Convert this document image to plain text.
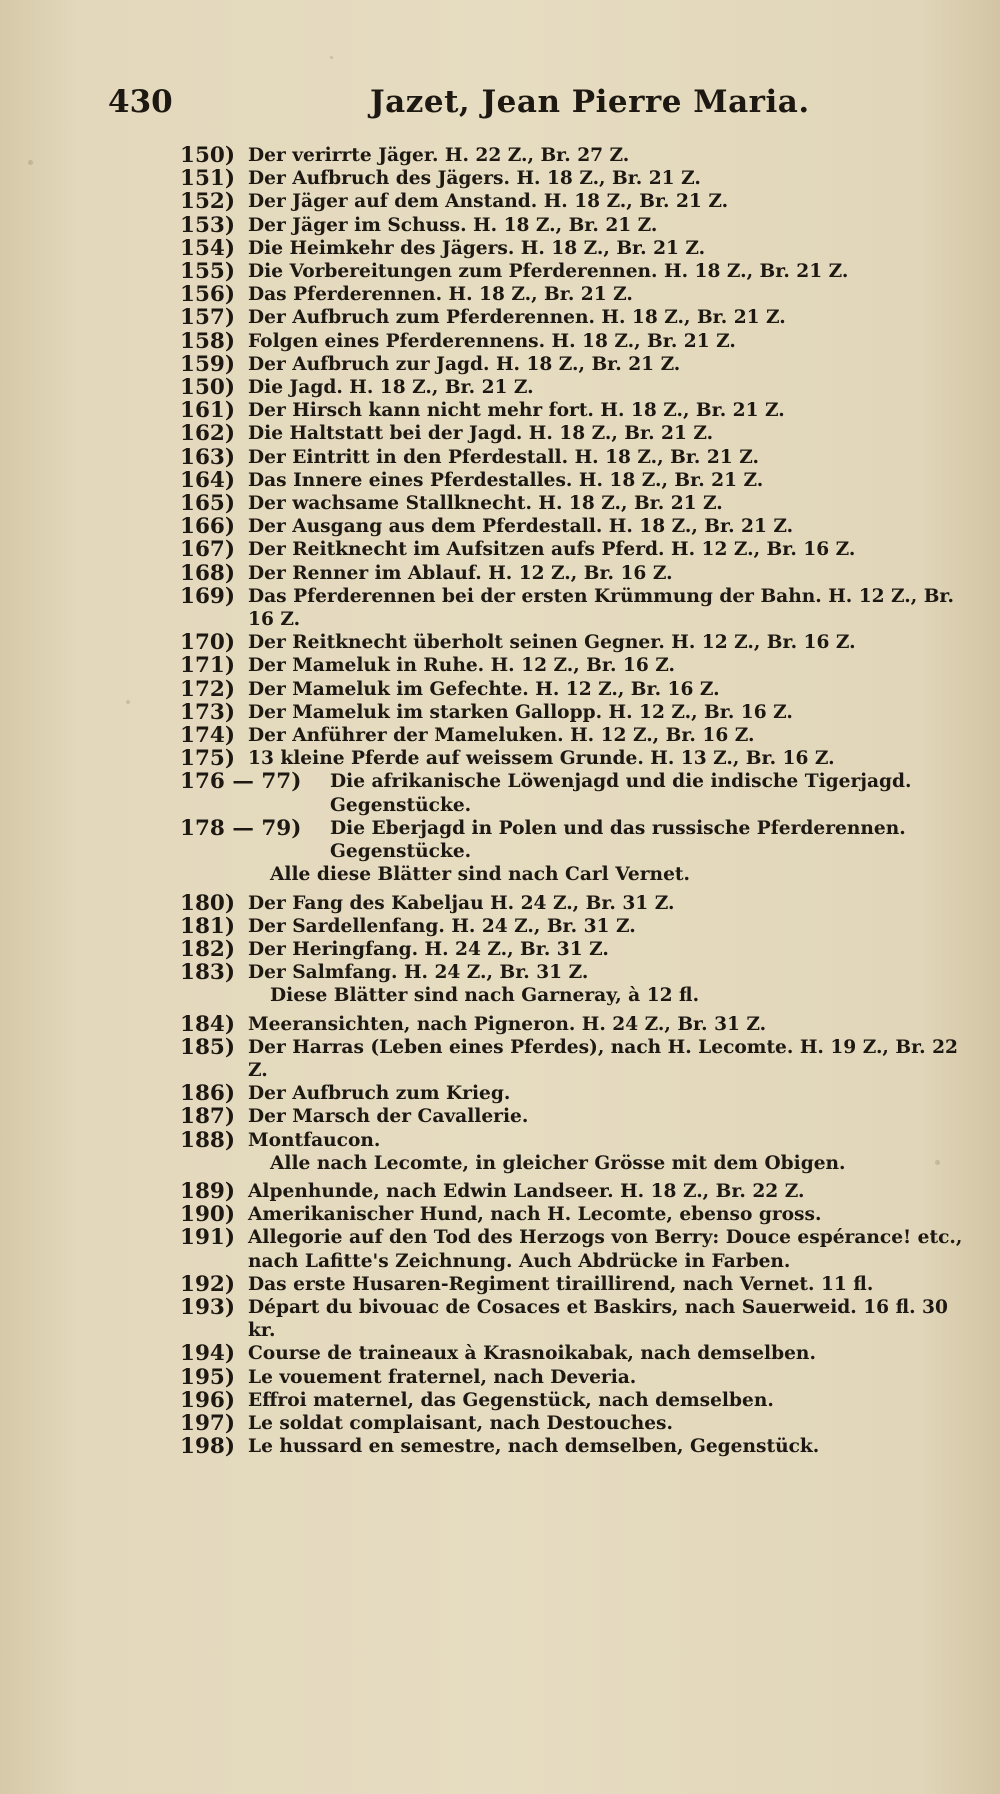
430	Jazet, Jean Pierre Maria.
150) Der verirrte Jäger. H. 22 Z., Br. 27 Z.
151) Der Aufbruch des Jägers. H. 18 Z., Br. 21 Z.
152) Der Jäger auf dem Anstand. H. 18 Z., Br. 21 Z.
153) Der Jäger im Schuss. H. 18 Z., Br. 21 Z.
154) Die Heimkehr des Jägers. H. 18 Z., Br. 21 Z.
155) Die Vorbereitungen zum Pferderennen. H. 18 Z., Br. 21 Z.
156) Das Pferderennen. H. 18 Z., Br. 21 Z.
157) Der Aufbruch zum Pferderennen. H. 18 Z., Br. 21 Z.
158) Folgen eines Pferderennens. H. 18 Z., Br. 21 Z.
159) Der Aufbruch zur Jagd. H. 18 Z., Br. 21 Z.
150) Die Jagd. H. 18 Z., Br. 21 Z.
161) Der Hirsch kann nicht mehr fort. H. 18 Z., Br. 21 Z.
162) Die Haltstatt bei der Jagd. H. 18 Z., Br. 21 Z.
163) Der Eintritt in den Pferdestall. H. 18 Z., Br. 21 Z.
164) Das Innere eines Pferdestalles. H. 18 Z., Br. 21 Z.
165) Der wachsame Stallknecht. H. 18 Z., Br. 21 Z.
166) Der Ausgang aus dem Pferdestall. H. 18 Z., Br. 21 Z.
167) Der Reitknecht im Aufsitzen aufs Pferd. H. 12 Z., Br. 16 Z.
168) Der Renner im Ablauf. H. 12 Z., Br. 16 Z.
169) Das Pferderennen bei der ersten Krümmung der Bahn. H. 12 Z., Br. 16 Z.
170) Der Reitknecht überholt seinen Gegner. H. 12 Z., Br. 16 Z.
171) Der Mameluk in Ruhe. H. 12 Z., Br. 16 Z.
172) Der Mameluk im Gefechte. H. 12 Z., Br. 16 Z.
173) Der Mameluk im starken Gallopp. H. 12 Z., Br. 16 Z.
174) Der Anführer der Mameluken. H. 12 Z., Br. 16 Z.
175) 13 kleine Pferde auf weissem Grunde. H. 13 Z., Br. 16 Z.
176 — 77)	Die afrikanische Löwenjagd und die indische Tigerjagd. Gegenstücke.
178 — 79)	Die Eberjagd in Polen und das russische Pferderennen. Gegenstücke.
Alle diese Blätter sind nach Carl Vernet.
180) Der Fang des Kabeljau H. 24 Z., Br. 31 Z.
181) Der Sardellenfang. H. 24 Z., Br. 31 Z.
182) Der Heringfang. H. 24 Z., Br. 31 Z.
183) Der Salmfang. H. 24 Z., Br. 31 Z.
Diese Blätter sind nach Garneray, à 12 fl.
184) Meeransichten, nach Pigneron. H. 24 Z., Br. 31 Z.
185) Der Harras (Leben eines Pferdes), nach H. Lecomte. H. 19 Z., Br. 22 Z.
186) Der Aufbruch zum Krieg.
187) Der Marsch der Cavallerie.
188) Montfaucon.
Alle nach Lecomte, in gleicher Grösse mit dem Obigen.
189) Alpenhunde, nach Edwin Landseer. H. 18 Z., Br. 22 Z.
190) Amerikanischer Hund, nach H. Lecomte, ebenso gross.
191) Allegorie auf den Tod des Herzogs von Berry: Douce espérance! etc., nach Lafitte's Zeichnung. Auch Abdrücke in Farben.
192) Das erste Husaren-Regiment tiraillirend, nach Vernet. 11 fl.
193) Départ du bivouac de Cosaces et Baskirs, nach Sauerweid. 16 fl. 30 kr.
194) Course de traineaux à Krasnoikabak, nach demselben.
195) Le vouement fraternel, nach Deveria.
196) Effroi maternel, das Gegenstück, nach demselben.
197) Le soldat complaisant, nach Destouches.
198) Le hussard en semestre, nach demselben, Gegenstück.
